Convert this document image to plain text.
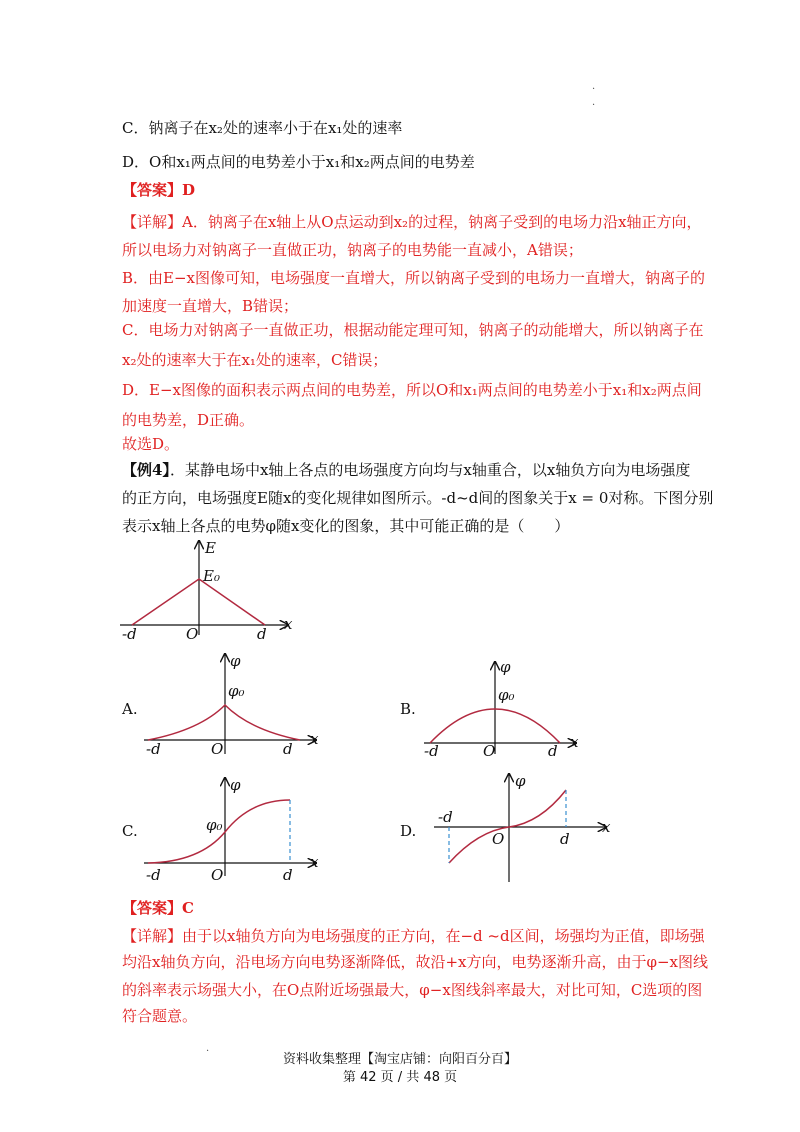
·
·
C．钠离子在x₂处的速率小于在x₁处的速率
D．O和x₁两点间的电势差小于x₁和x₂两点间的电势差
【答案】D
【详解】A．钠离子在x轴上从O点运动到x₂的过程，钠离子受到的电场力沿x轴正方向，
所以电场力对钠离子一直做正功，钠离子的电势能一直减小，A错误；
B．由E−x图像可知，电场强度一直增大，所以钠离子受到的电场力一直增大，钠离子的
加速度一直增大，B错误；
C．电场力对钠离子一直做正功，根据动能定理可知，钠离子的动能增大，所以钠离子在
x₂处的速率大于在x₁处的速率，C错误；
D．E−x图像的面积表示两点间的电势差，所以O和x₁两点间的电势差小于x₁和x₂两点间
的电势差，D正确。
故选D。
【例4】．某静电场中x轴上各点的电场强度方向均与x轴重合，以x轴负方向为电场强度
的正方向，电场强度E随x的变化规律如图所示。-d~d间的图象关于x = 0对称。下图分别
表示x轴上各点的电势φ随x变化的图象，其中可能正确的是（　　）
E
x
E₀
-d	O	d
A.
φ
x
φ₀
-d	O	d
B.
φ
x
φ₀
-d	O	d
C.
φ
x
φ₀
-d	O	d
D.
φ
x
-d
O	d
【答案】C
【详解】由于以x轴负方向为电场强度的正方向，在−d ~d区间，场强均为正值，即场强
均沿x轴负方向，沿电场方向电势逐渐降低，故沿+x方向，电势逐渐升高，由于φ−x图线
的斜率表示场强大小，在O点附近场强最大，φ−x图线斜率最大，对比可知，C选项的图
符合题意。
·
资料收集整理【淘宝店铺：向阳百分百】
第 42 页 / 共 48 页
